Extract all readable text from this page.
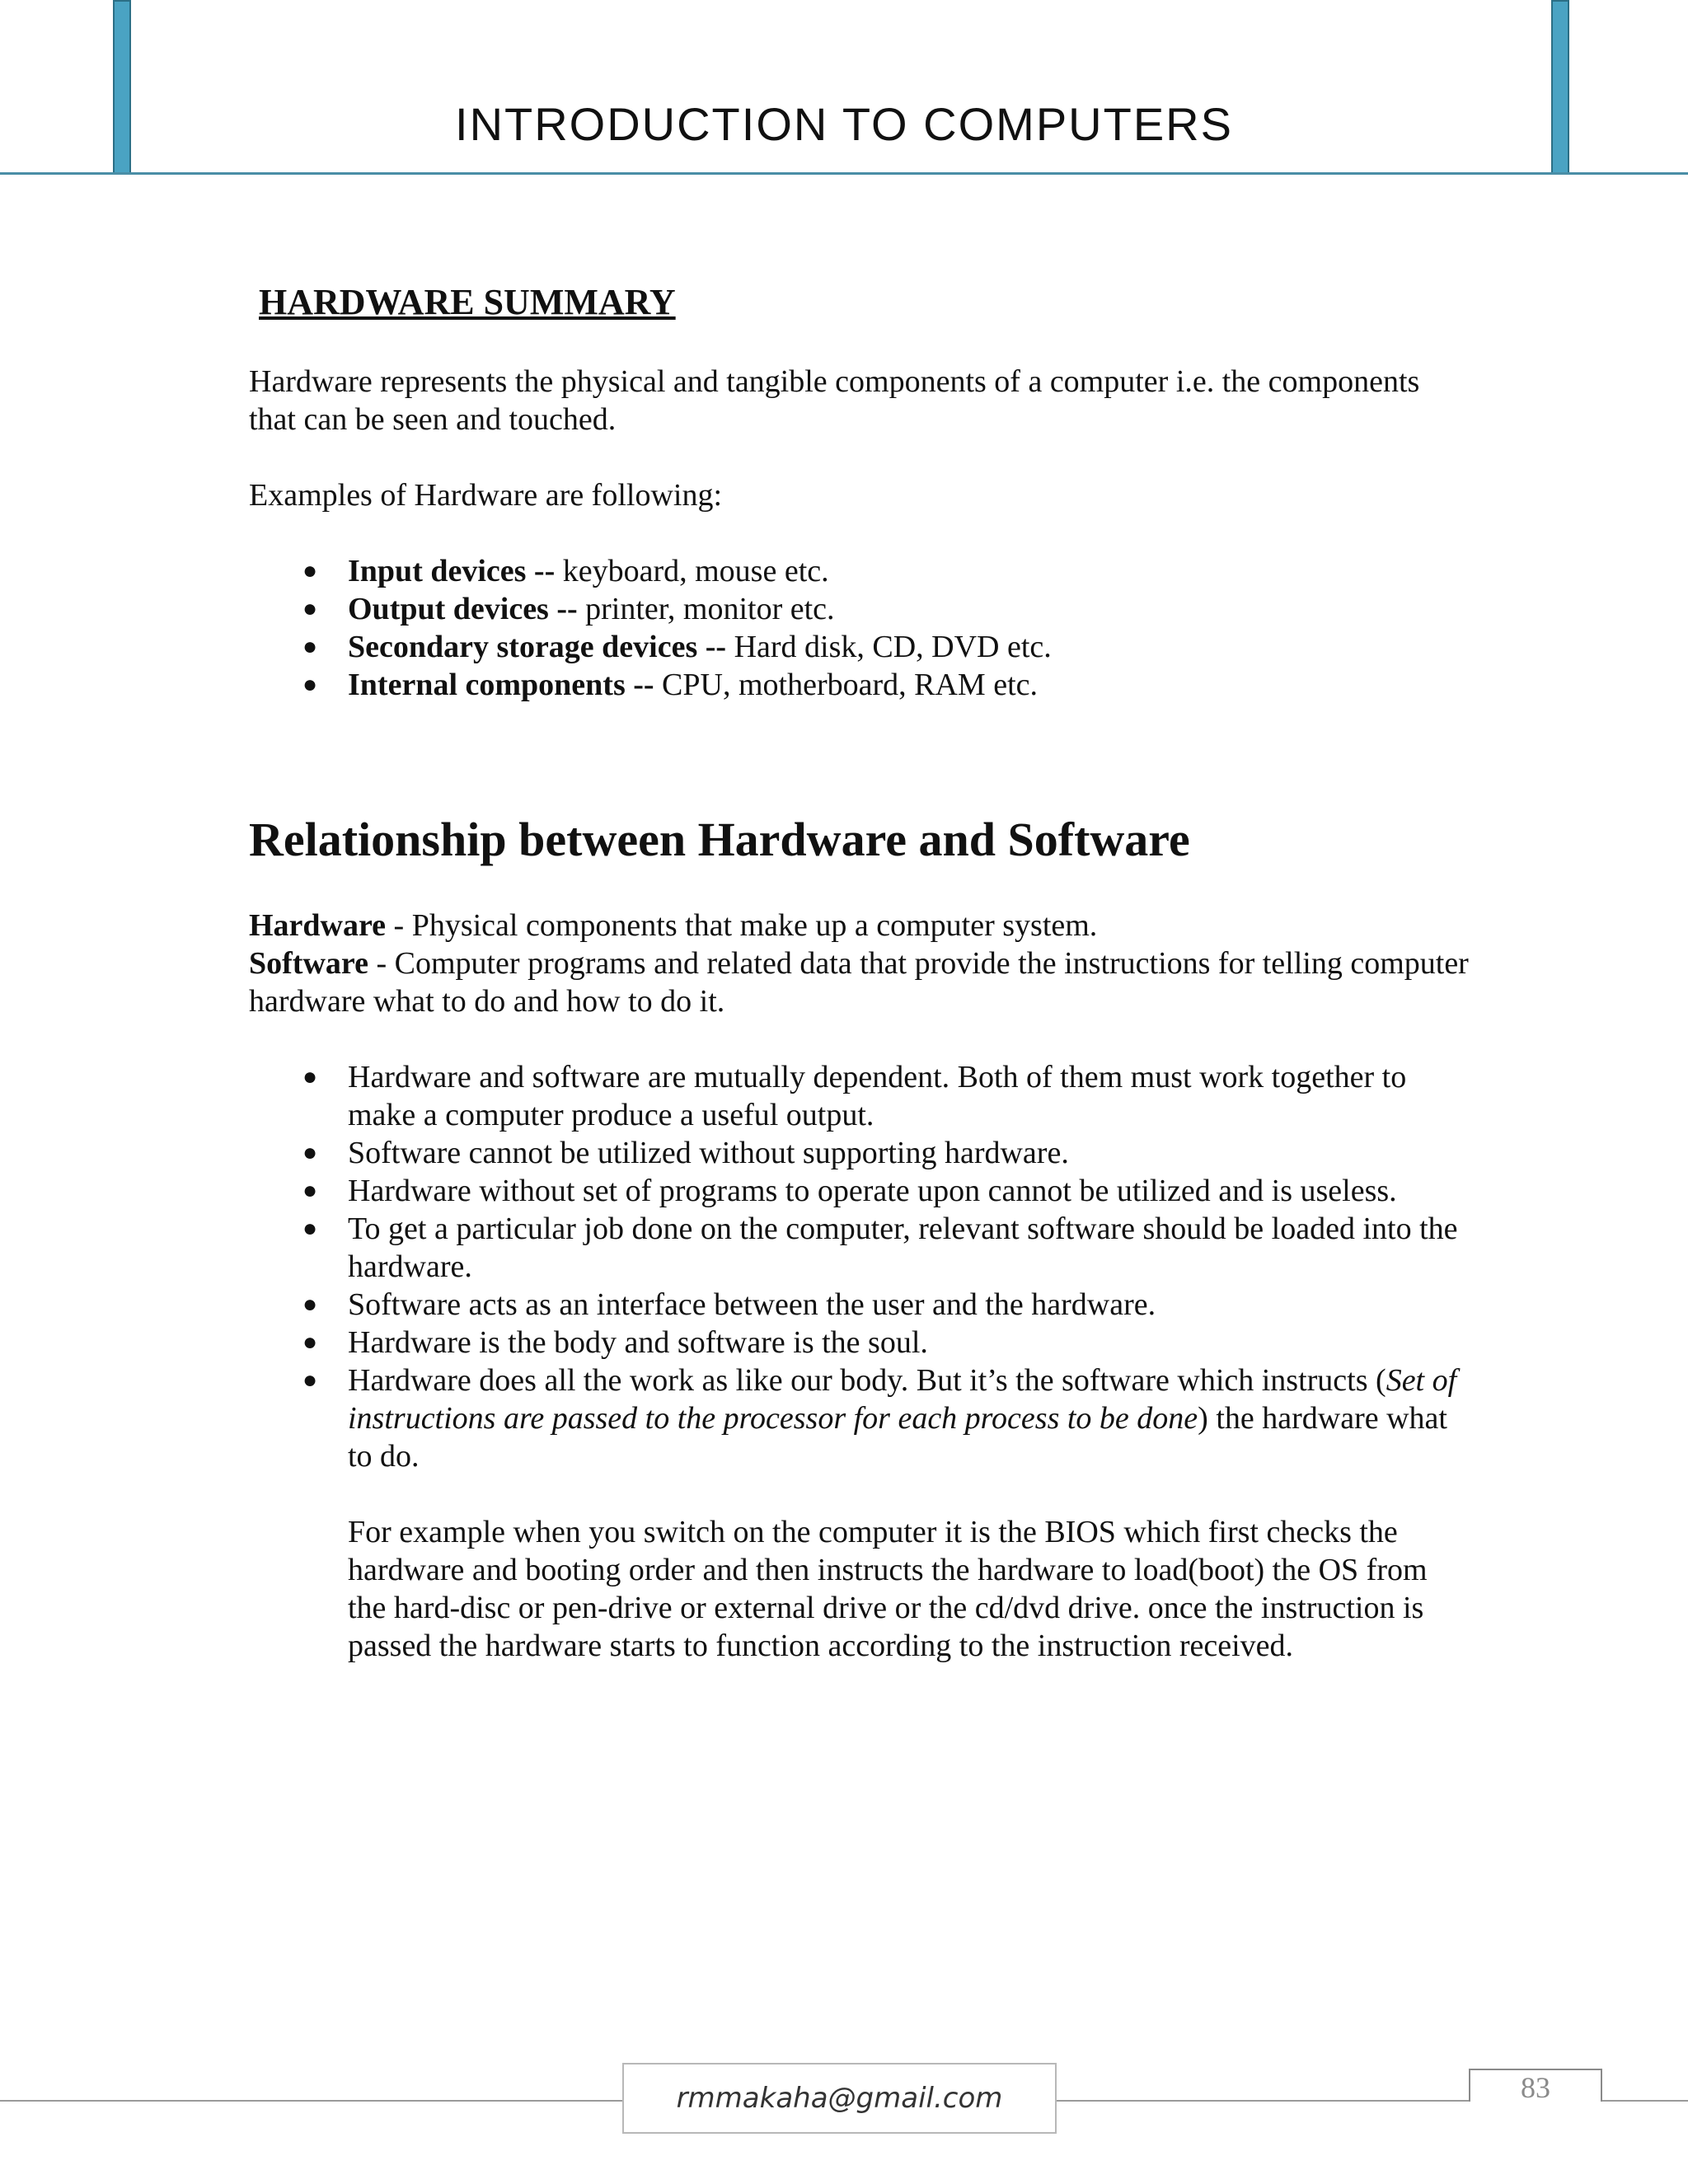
INTRODUCTION TO COMPUTERS
HARDWARE SUMMARY

Hardware represents the physical and tangible components of a computer i.e. the components that can be seen and touched.

Examples of Hardware are following:

● Input devices -- keyboard, mouse etc.
● Output devices -- printer, monitor etc.
● Secondary storage devices -- Hard disk, CD, DVD etc.
● Internal components -- CPU, motherboard, RAM etc.
Relationship between Hardware and Software

Hardware - Physical components that make up a computer system.

Software - Computer programs and related data that provide the instructions for telling computer hardware what to do and how to do it.

● Hardware and software are mutually dependent. Both of them must work together to make a computer produce a useful output.
● Software cannot be utilized without supporting hardware.
● Hardware without set of programs to operate upon cannot be utilized and is useless.
● To get a particular job done on the computer, relevant software should be loaded into the hardware.
● Software acts as an interface between the user and the hardware.
● Hardware is the body and software is the soul.
● Hardware does all the work as like our body. But it’s the software which instructs (Set of instructions are passed to the processor for each process to be done) the hardware what to do.

For example when you switch on the computer it is the BIOS which first checks the hardware and booting order and then instructs the hardware to load(boot) the OS from the hard-disc or pen-drive or external drive or the cd/dvd drive. once the instruction is passed the hardware starts to function according to the instruction received.

rmmakaha@gmail.com	83
